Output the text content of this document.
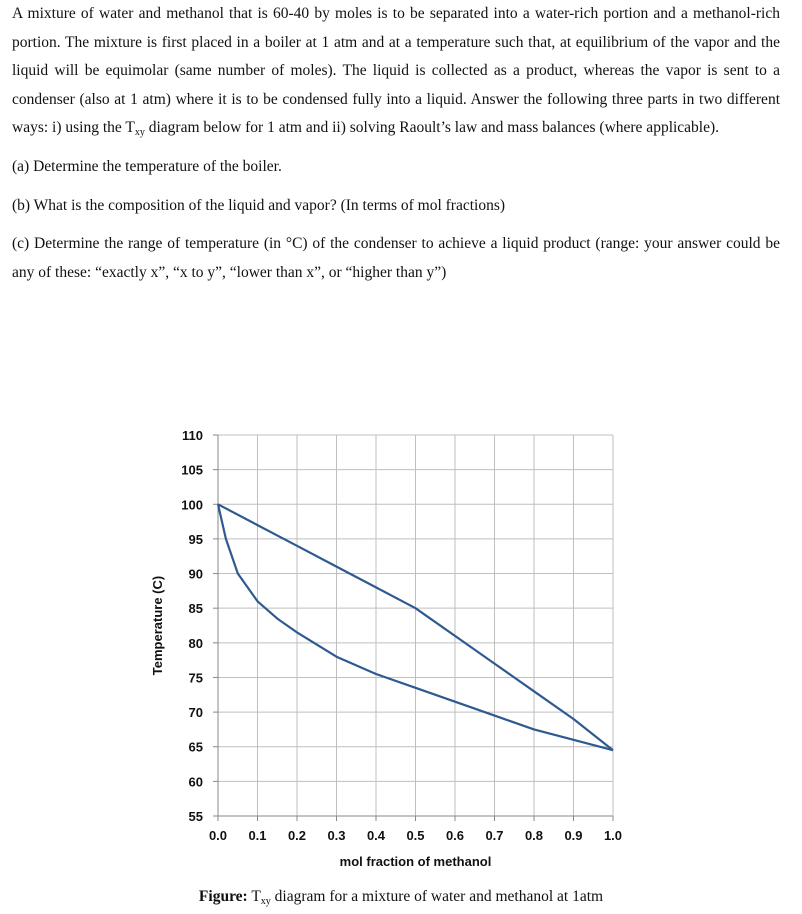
A mixture of water and methanol that is 60-40 by moles is to be separated into a water-rich portion and a methanol-rich portion. The mixture is first placed in a boiler at 1 atm and at a temperature such that, at equilibrium of the vapor and the liquid will be equimolar (same number of moles). The liquid is collected as a product, whereas the vapor is sent to a condenser (also at 1 atm) where it is to be condensed fully into a liquid. Answer the following three parts in two different ways: i) using the $T_{xy}$ diagram below for 1 atm and ii) solving Raoult’s law and mass balances (where applicable).

(a) Determine the temperature of the boiler.

(b) What is the composition of the liquid and vapor? (In terms of mol fractions)

(c) Determine the range of temperature (in °C) of the condenser to achieve a liquid product (range: your answer could be any of these: “exactly x”, “x to y”, “lower than x”, or “higher than y”)

0.0 0.1 0.2 0.3 0.4 0.5 0.6 0.7 0.8 0.9 1.0
110
105
100
95
90
85
80
75
70
65
60
55
mol fraction of methanol
Temperature (C)
Figure: $T_{xy}$ diagram for a mixture of water and methanol at 1atm
